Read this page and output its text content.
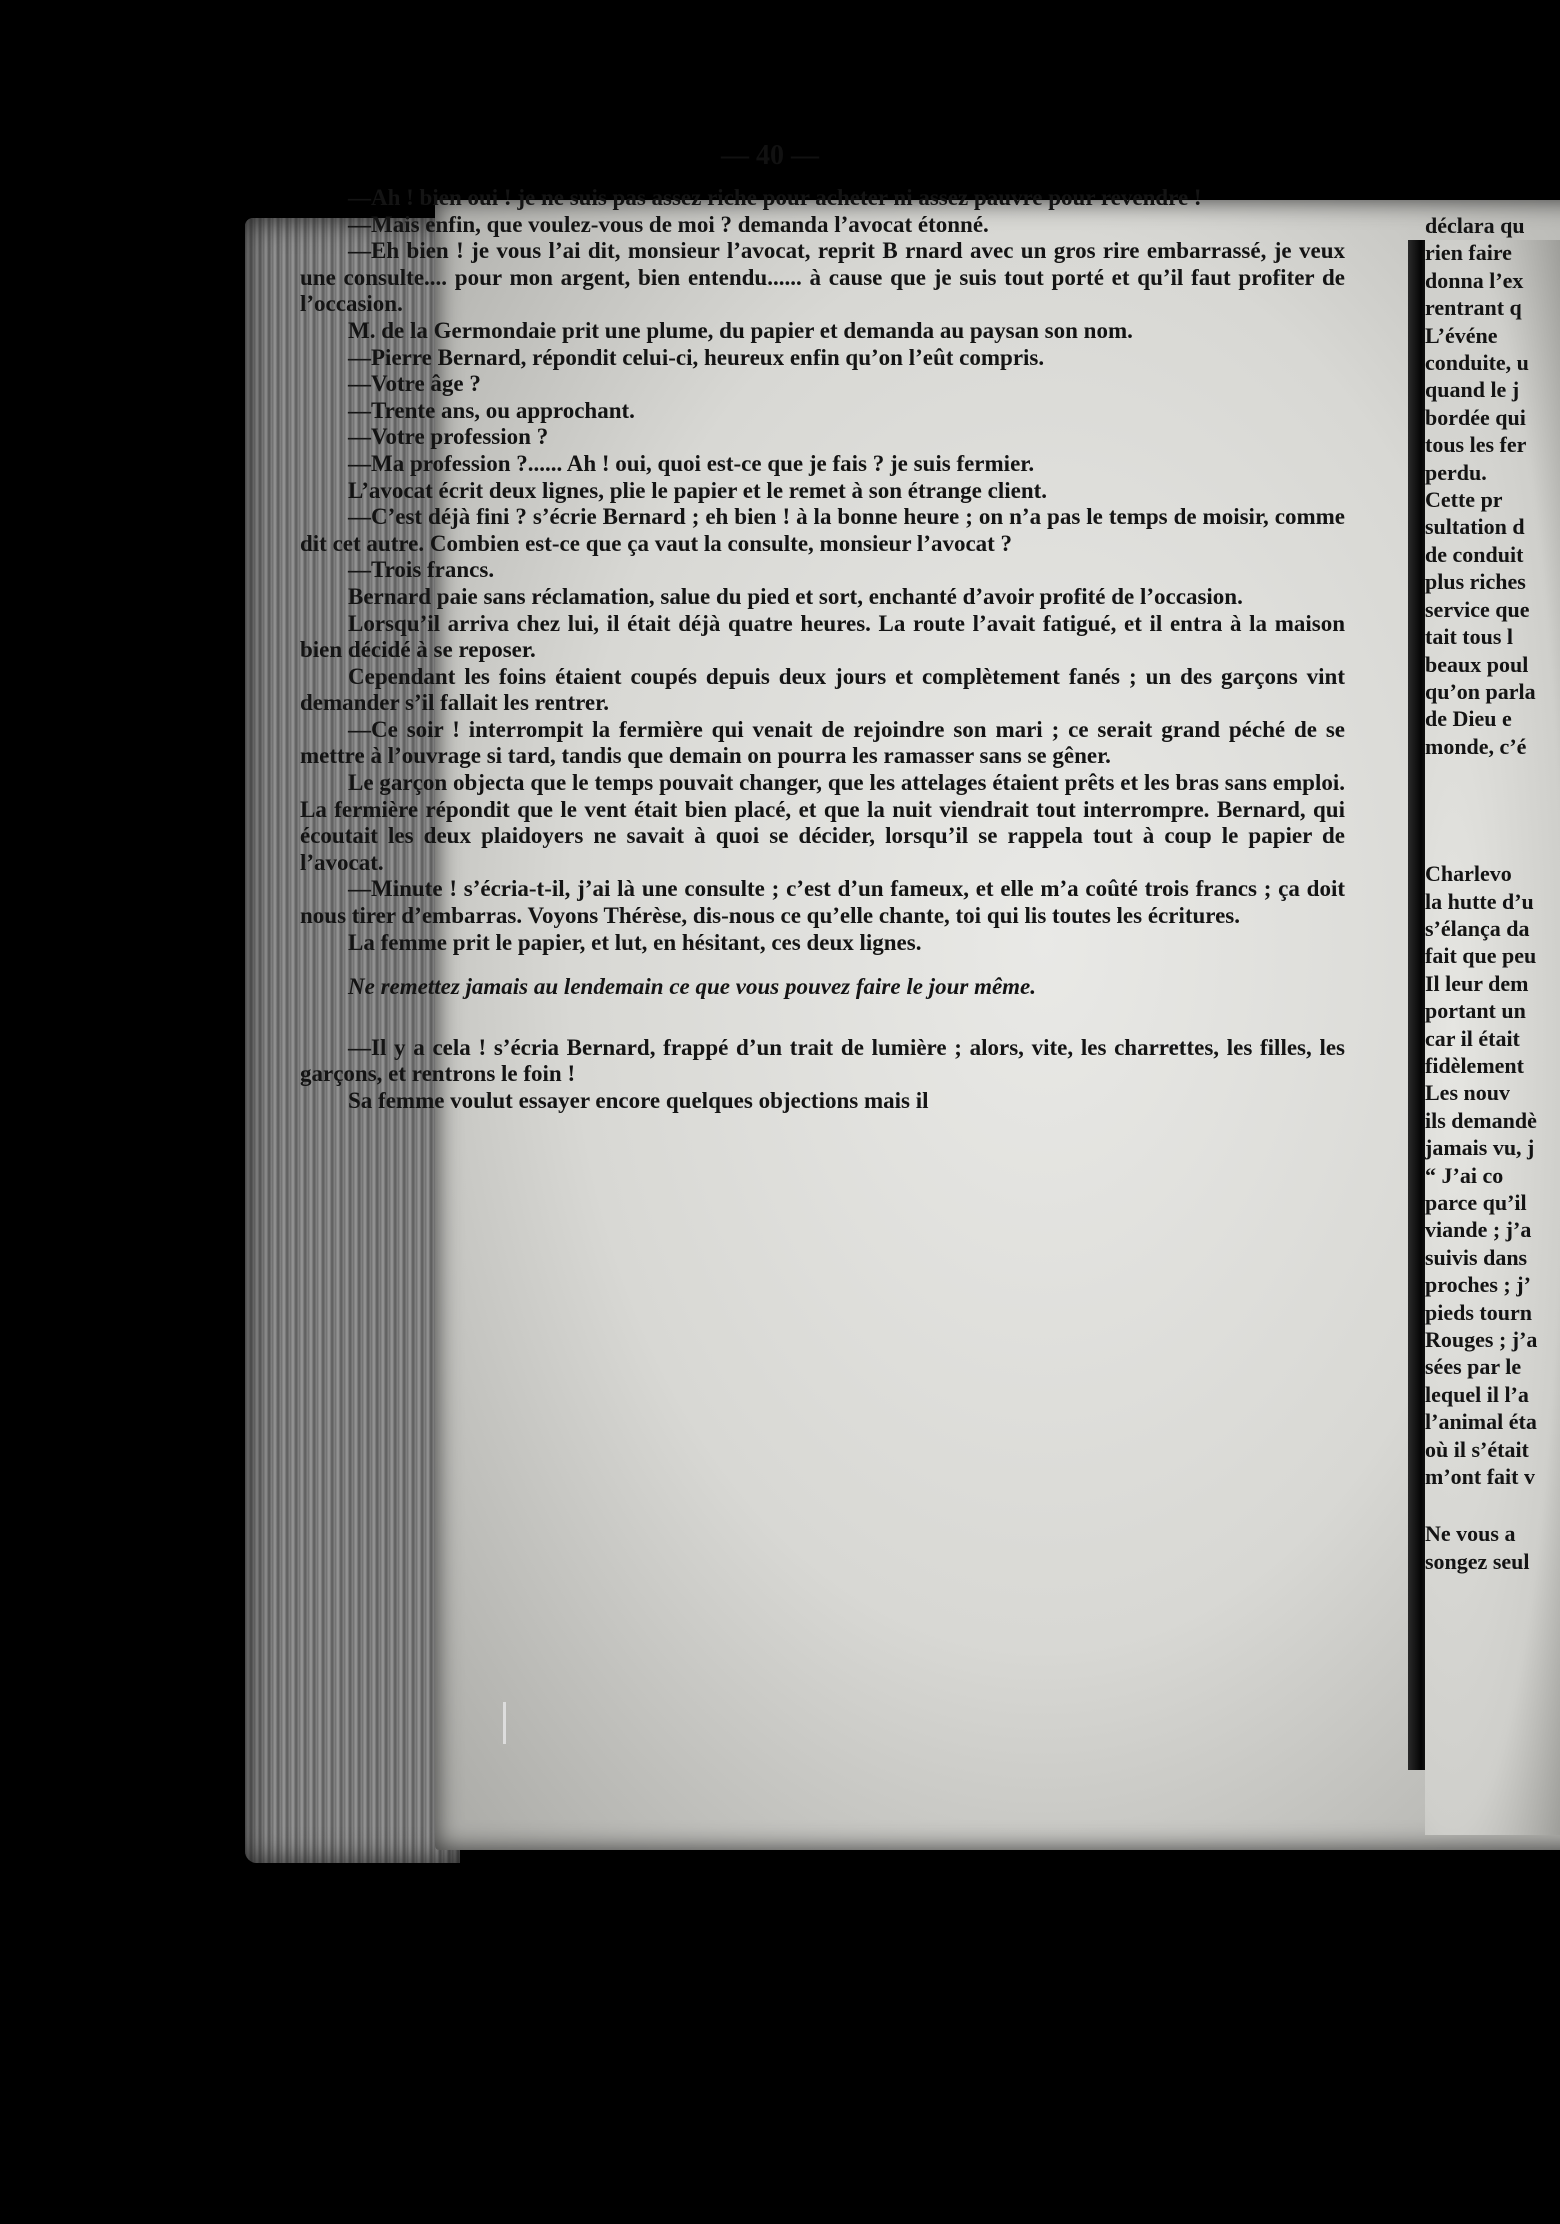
— 40 —

—Ah ! bien oui ! je ne suis pas assez riche pour acheter ni assez pauvre pour revendre !

—Mais enfin, que voulez-vous de moi ? demanda l’avocat étonné.

—Eh bien ! je vous l’ai dit, monsieur l’avocat, reprit B rnard avec un gros rire embarrassé, je veux une consulte.... pour mon argent, bien entendu...... à cause que je suis tout porté et qu’il faut profiter de l’occasion.

M. de la Germondaie prit une plume, du papier et demanda au paysan son nom.

—Pierre Bernard, répondit celui-ci, heureux enfin qu’on l’eût compris.

—Votre âge ?

—Trente ans, ou approchant.

—Votre profession ?

—Ma profession ?...... Ah ! oui, quoi est-ce que je fais ? je suis fermier.

L’avocat écrit deux lignes, plie le papier et le remet à son étrange client.

—C’est déjà fini ? s’écrie Bernard ; eh bien ! à la bonne heure ; on n’a pas le temps de moisir, comme dit cet autre. Combien est-ce que ça vaut la consulte, monsieur l’avocat ?

—Trois francs.

Bernard paie sans réclamation, salue du pied et sort, enchanté d’avoir profité de l’occasion.

Lorsqu’il arriva chez lui, il était déjà quatre heures. La route l’avait fatigué, et il entra à la maison bien décidé à se reposer.

Cependant les foins étaient coupés depuis deux jours et complètement fanés ; un des garçons vint demander s’il fallait les rentrer.

—Ce soir ! interrompit la fermière qui venait de rejoindre son mari ; ce serait grand péché de se mettre à l’ouvrage si tard, tandis que demain on pourra les ramasser sans se gêner.

Le garçon objecta que le temps pouvait changer, que les attelages étaient prêts et les bras sans emploi. La fermière répondit que le vent était bien placé, et que la nuit viendrait tout interrompre. Bernard, qui écoutait les deux plaidoyers ne savait à quoi se décider, lorsqu’il se rappela tout à coup le papier de l’avocat.

—Minute ! s’écria-t-il, j’ai là une consulte ; c’est d’un fameux, et elle m’a coûté trois francs ; ça doit nous tirer d’embarras. Voyons Thérèse, dis-nous ce qu’elle chante, toi qui lis toutes les écritures.

La femme prit le papier, et lut, en hésitant, ces deux lignes.

Ne remettez jamais au lendemain ce que vous pouvez faire le jour même.

—Il y a cela ! s’écria Bernard, frappé d’un trait de lumière ; alors, vite, les charrettes, les filles, les garçons, et rentrons le foin !

Sa femme voulut essayer encore quelques objections mais il

déclara qu
rien faire
donna l’ex
rentrant q
L’événe
conduite, u
quand le j
bordée qui
tous les fer
perdu.
Cette pr
sultation d
de conduit
plus riches
service que
tait tous l
beaux poul
qu’on parla
de Dieu e
monde, c’é
Charlevo
la hutte d’u
s’élança da
fait que peu
Il leur dem
portant un
car il était
fidèlement
Les nouv
ils demandè
jamais vu, j
“ J’ai co
parce qu’il
viande ; j’a
suivis dans
proches ; j’
pieds tourn
Rouges ; j’a
sées par le
lequel il l’a
l’animal éta
où il s’était
m’ont fait v
Ne vous a
songez seul
